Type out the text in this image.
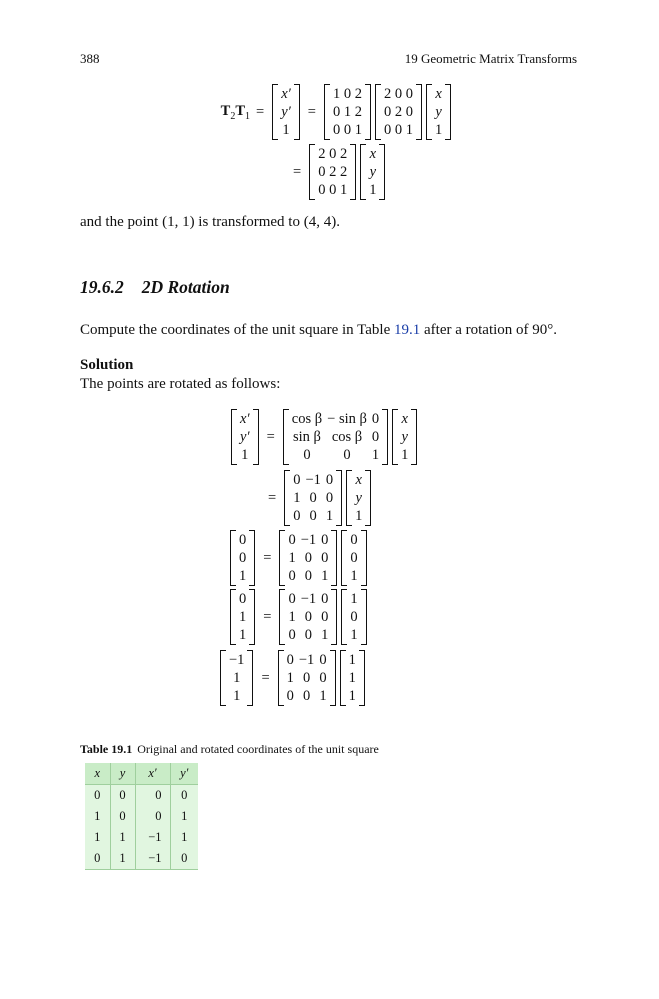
388	19 Geometric Matrix Transforms
$T_2T_1$ =
x′
y′
1
=
1 0 2
0 1 2
0 0 1
2 0 0
0 2 0
0 0 1
x
y
1
=
2 0 2
0 2 2
0 0 1
x
y
1

and the point (1, 1) is transformed to (4, 4).

19.6.2 2D Rotation

Compute the coordinates of the unit square in Table 19.1 after a rotation of 90°.

Solution

The points are rotated as follows:

x′
y′
1
=
cos β − sin β 0
sin β cos β 0
0	0	1
x
y
1
=
0 −1 0
1 0 0
0 0 1
x
y
1
0
0
1
=
0 −1 0
1 0 0
0 0 1
0
0
1
0
1
1
=
0 −1 0
1 0 0
0 0 1
1
0
1
−1
1
1
=
0 −1 0
1 0 0
0 0 1
1
1
1
Table 19.1 Original and rotated coordinates of the unit square
x	y	x′	y′
0	0	0	0
1	0	0	1
1	1	−1	1
0	1	−1	0
